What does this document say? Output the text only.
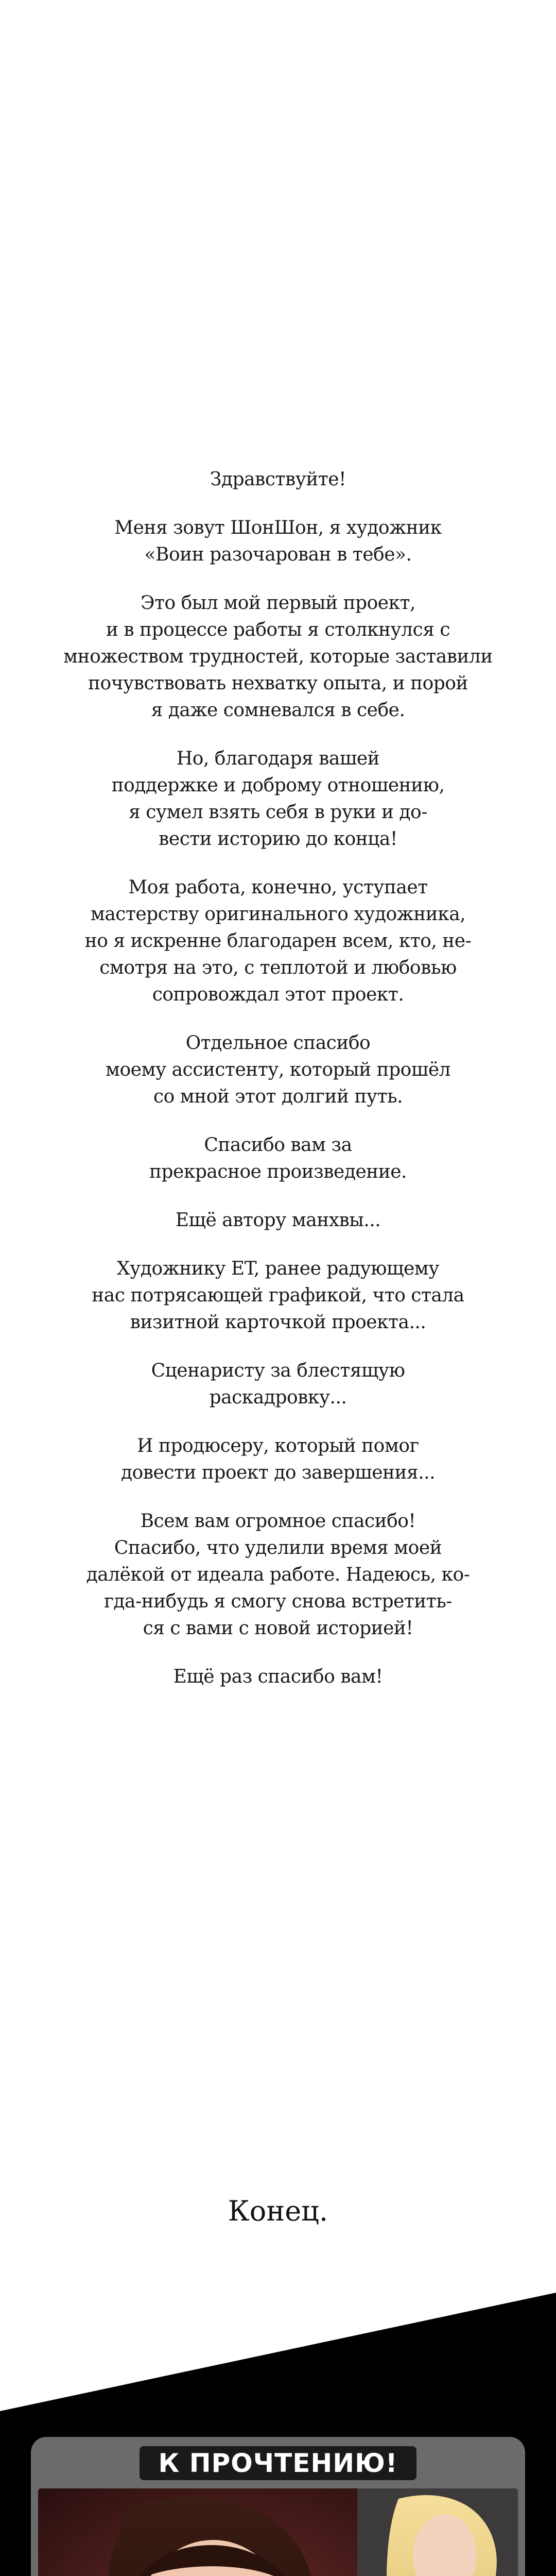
Здравствуйте!
Меня зовут ШонШон, я художник
«Воин разочарован в тебе».
Это был мой первый проект,
и в процессе работы я столкнулся с
множеством трудностей, которые заставили
почувствовать нехватку опыта, и порой
я даже сомневался в себе.
Но, благодаря вашей
поддержке и доброму отношению,
я сумел взять себя в руки и до-
вести историю до конца!
Моя работа, конечно, уступает
мастерству оригинального художника,
но я искренне благодарен всем, кто, не-
смотря на это, с теплотой и любовью
сопровождал этот проект.
Отдельное спасибо
моему ассистенту, который прошёл
со мной этот долгий путь.
Спасибо вам за
прекрасное произведение.
Ещё автору манхвы...
Художнику ET, ранее радующему
нас потрясающей графикой, что стала
визитной карточкой проекта...
Сценаристу за блестящую
раскадровку...
И продюсеру, который помог
довести проект до завершения...
Всем вам огромное спасибо!
Спасибо, что уделили время моей
далёкой от идеала работе. Надеюсь, ко-
гда-нибудь я смогу снова встретить-
ся с вами с новой историей!
Ещё раз спасибо вам!
Конец.
К ПРОЧТЕНИЮ!
